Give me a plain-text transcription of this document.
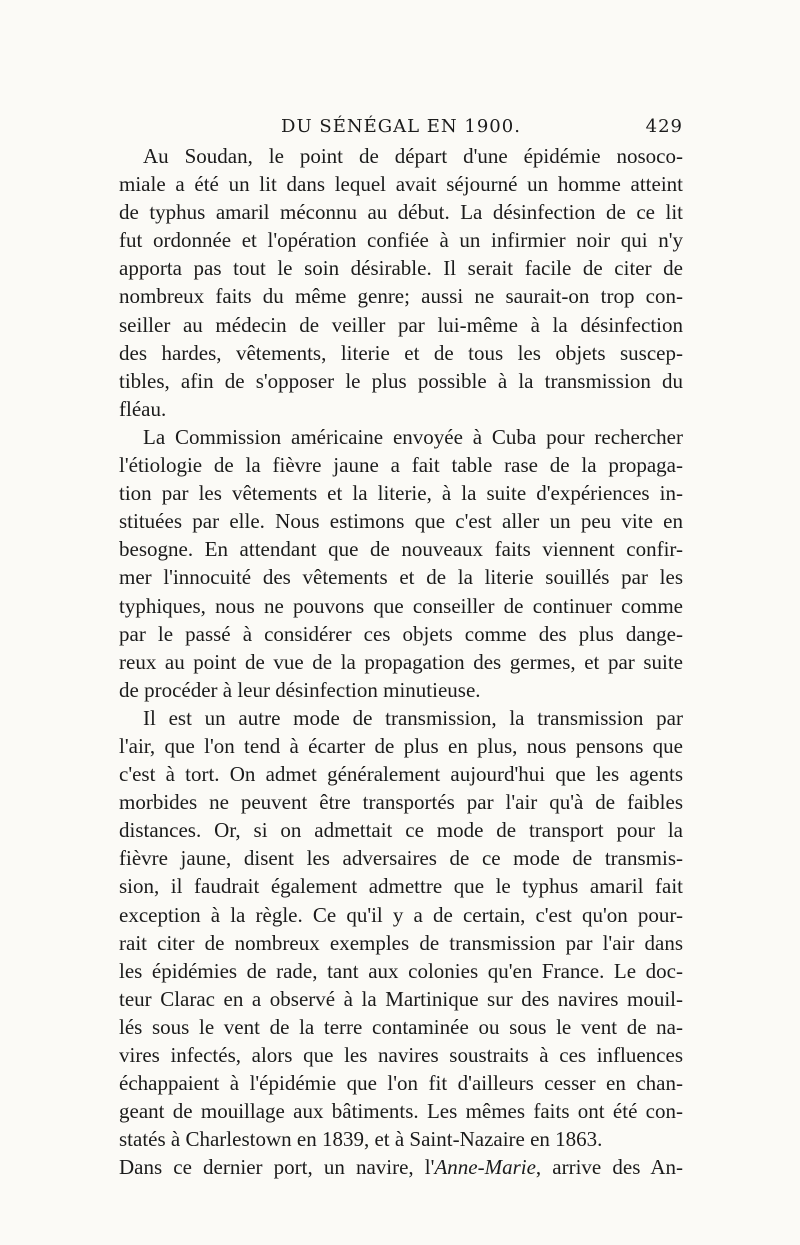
DU SÉNÉGAL EN 1900.	429
Au Soudan, le point de départ d'une épidémie nosoco-
miale a été un lit dans lequel avait séjourné un homme atteint
de typhus amaril méconnu au début. La désinfection de ce lit
fut ordonnée et l'opération confiée à un infirmier noir qui n'y
apporta pas tout le soin désirable. Il serait facile de citer de
nombreux faits du même genre; aussi ne saurait-on trop con-
seiller au médecin de veiller par lui-même à la désinfection
des hardes, vêtements, literie et de tous les objets suscep-
tibles, afin de s'opposer le plus possible à la transmission du
fléau.
La Commission américaine envoyée à Cuba pour rechercher
l'étiologie de la fièvre jaune a fait table rase de la propaga-
tion par les vêtements et la literie, à la suite d'expériences in-
stituées par elle. Nous estimons que c'est aller un peu vite en
besogne. En attendant que de nouveaux faits viennent confir-
mer l'innocuité des vêtements et de la literie souillés par les
typhiques, nous ne pouvons que conseiller de continuer comme
par le passé à considérer ces objets comme des plus dange-
reux au point de vue de la propagation des germes, et par suite
de procéder à leur désinfection minutieuse.
Il est un autre mode de transmission, la transmission par
l'air, que l'on tend à écarter de plus en plus, nous pensons que
c'est à tort. On admet généralement aujourd'hui que les agents
morbides ne peuvent être transportés par l'air qu'à de faibles
distances. Or, si on admettait ce mode de transport pour la
fièvre jaune, disent les adversaires de ce mode de transmis-
sion, il faudrait également admettre que le typhus amaril fait
exception à la règle. Ce qu'il y a de certain, c'est qu'on pour-
rait citer de nombreux exemples de transmission par l'air dans
les épidémies de rade, tant aux colonies qu'en France. Le doc-
teur Clarac en a observé à la Martinique sur des navires mouil-
lés sous le vent de la terre contaminée ou sous le vent de na-
vires infectés, alors que les navires soustraits à ces influences
échappaient à l'épidémie que l'on fit d'ailleurs cesser en chan-
geant de mouillage aux bâtiments. Les mêmes faits ont été con-
statés à Charlestown en 1839, et à Saint-Nazaire en 1863.
Dans ce dernier port, un navire, l'Anne-Marie, arrive des An-
